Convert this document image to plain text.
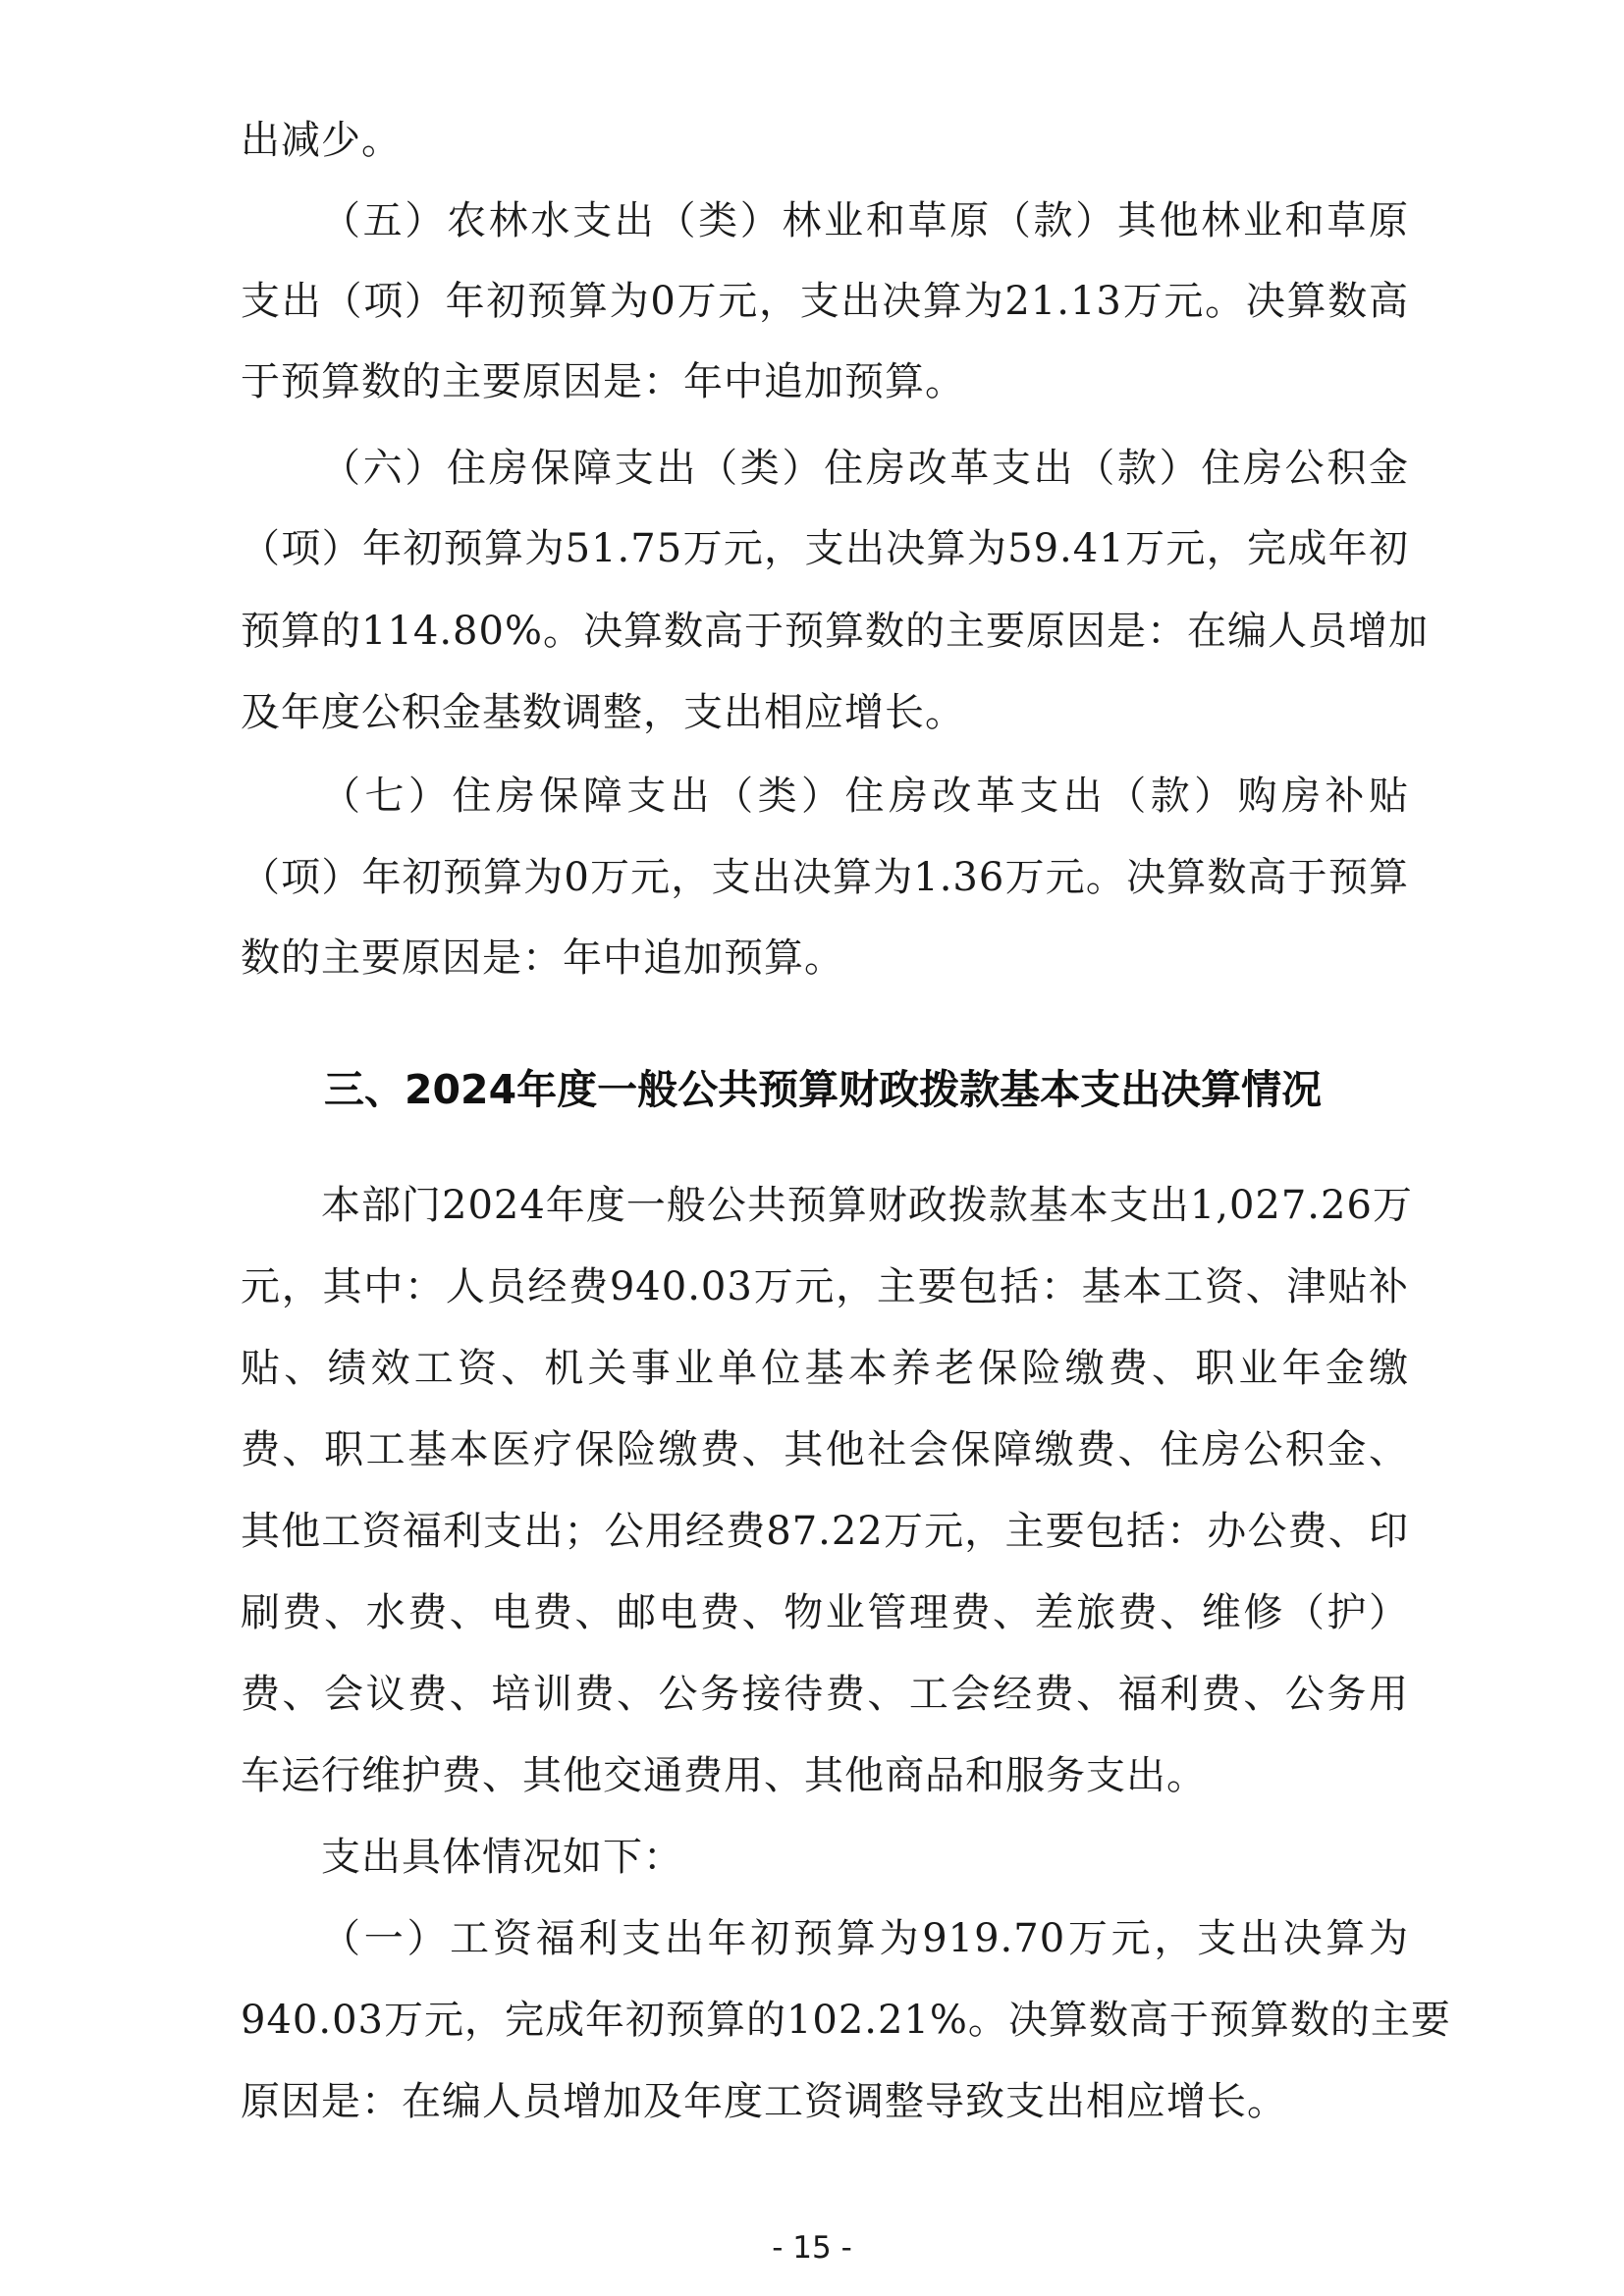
出减少。
（五）农林水支出（类）林业和草原（款）其他林业和草原
支出（项）年初预算为0万元，支出决算为21.13万元。决算数高
于预算数的主要原因是：年中追加预算。
（六）住房保障支出（类）住房改革支出（款）住房公积金
（项）年初预算为51.75万元，支出决算为59.41万元，完成年初
预算的114.80%。决算数高于预算数的主要原因是：在编人员增加
及年度公积金基数调整，支出相应增长。
（七）住房保障支出（类）住房改革支出（款）购房补贴
（项）年初预算为0万元，支出决算为1.36万元。决算数高于预算
数的主要原因是：年中追加预算。
三、2024年度一般公共预算财政拨款基本支出决算情况
本部门2024年度一般公共预算财政拨款基本支出1,027.26万
元，其中：人员经费940.03万元，主要包括：基本工资、津贴补
贴、绩效工资、机关事业单位基本养老保险缴费、职业年金缴
费、职工基本医疗保险缴费、其他社会保障缴费、住房公积金、
其他工资福利支出；公用经费87.22万元，主要包括：办公费、印
刷费、水费、电费、邮电费、物业管理费、差旅费、维修（护）
费、会议费、培训费、公务接待费、工会经费、福利费、公务用
车运行维护费、其他交通费用、其他商品和服务支出。
支出具体情况如下：
（一）工资福利支出年初预算为919.70万元，支出决算为
940.03万元，完成年初预算的102.21%。决算数高于预算数的主要
原因是：在编人员增加及年度工资调整导致支出相应增长。
- 15 -
